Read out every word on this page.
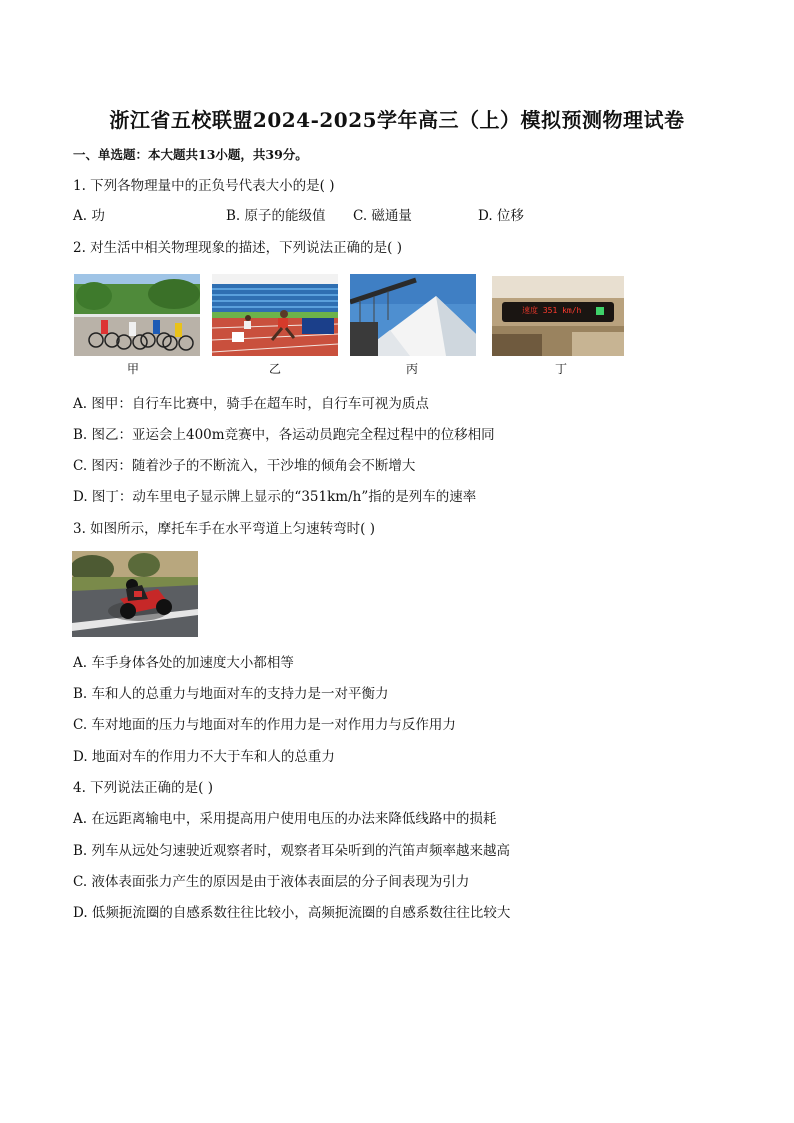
浙江省五校联盟2024-2025学年高三（上）模拟预测物理试卷
一、单选题：本大题共13小题，共39分。
1. 下列各物理量中的正负号代表大小的是( )
A. 功	B. 原子的能级值 C. 磁通量	D. 位移
2. 对生活中相关物理现象的描述，下列说法正确的是( )
甲	乙	丙
速度 351 km/h
丁
A. 图甲：自行车比赛中，骑手在超车时，自行车可视为质点
B. 图乙：亚运会上400m竞赛中，各运动员跑完全程过程中的位移相同
C. 图丙：随着沙子的不断流入，干沙堆的倾角会不断增大
D. 图丁：动车里电子显示牌上显示的“351km/h”指的是列车的速率
3. 如图所示，摩托车手在水平弯道上匀速转弯时( )
A. 车手身体各处的加速度大小都相等
B. 车和人的总重力与地面对车的支持力是一对平衡力
C. 车对地面的压力与地面对车的作用力是一对作用力与反作用力
D. 地面对车的作用力不大于车和人的总重力
4. 下列说法正确的是( )
A. 在远距离输电中，采用提高用户使用电压的办法来降低线路中的损耗
B. 列车从远处匀速驶近观察者时，观察者耳朵听到的汽笛声频率越来越高
C. 液体表面张力产生的原因是由于液体表面层的分子间表现为引力
D. 低频扼流圈的自感系数往往比较小，高频扼流圈的自感系数往往比较大
